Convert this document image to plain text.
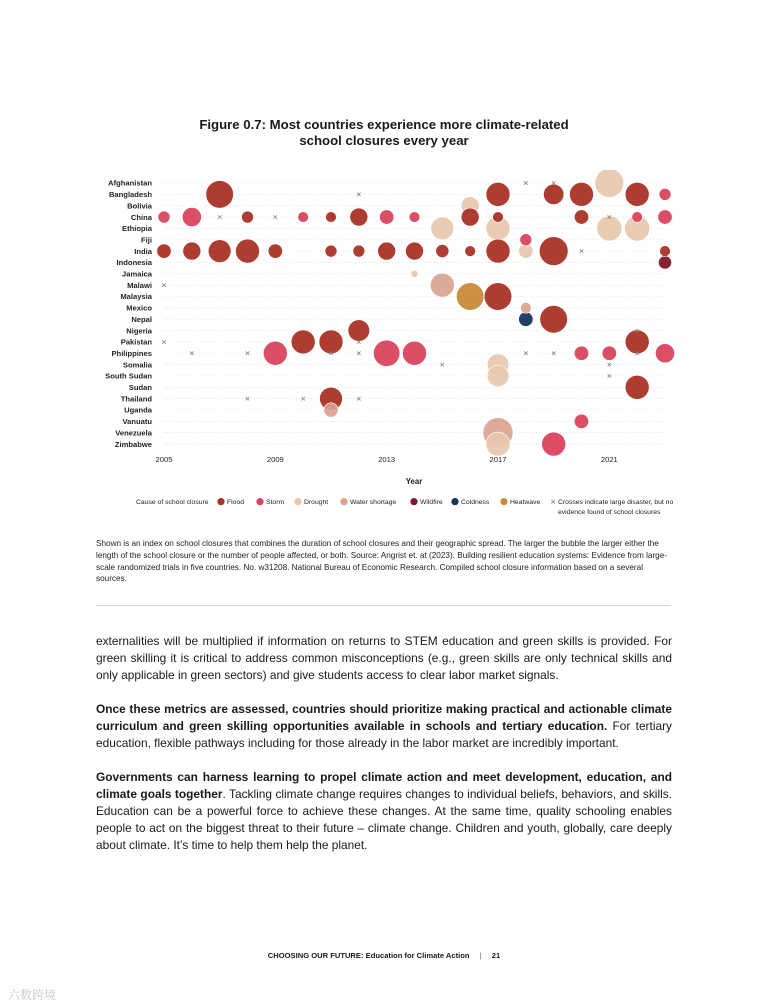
Figure 0.7: Most countries experience more climate-related
school closures every year
Afghanistan
Bangladesh
Bolivia
China
Ethiopia
Fiji
India
Indonesia
Jamaica
Malawi
Malaysia
Mexico
Nepal
Nigeria
Pakistan
Philippines
Somalia
South Sudan
Sudan
Thailand
Uganda
Vanuatu
Venezuela
Zimbabwe
2005	2009	2013	2017	2021
Year
Cause of school closure	Flood	Storm	Drought	Water shortage	Wildfire	Coldness	Heatwave	Crosses indicate large disaster, but no
evidence found of school closures
Shown is an index on school closures that combines the duration of school closures and their geographic spread. The larger the bubble the larger either the length of the school closure or the number of people affected, or both. Source: Angrist et. at (2023). Building resilient education systems: Evidence from large-scale randomized trials in five countries. No. w31208. National Bureau of Economic Research. Compiled school closure information based on a several sources.

externalities will be multiplied if information on returns to STEM education and green skills is provided. For green skilling it is critical to address common misconceptions (e.g., green skills are only technical skills and only applicable in green sectors) and give students access to clear labor market signals.

Once these metrics are assessed, countries should prioritize making practical and actionable climate curriculum and green skilling opportunities available in schools and tertiary education. For tertiary education, flexible pathways including for those already in the labor market are incredibly important.

Governments can harness learning to propel climate action and meet development, education, and climate goals together. Tackling climate change requires changes to individual beliefs, behaviors, and skills. Education can be a powerful force to achieve these changes. At the same time, quality schooling enables people to act on the biggest threat to their future – climate change. Children and youth, globally, care deeply about climate. It’s time to help them help the planet.

CHOOSING OUR FUTURE: Education for Climate Action | 21
六数跨境
